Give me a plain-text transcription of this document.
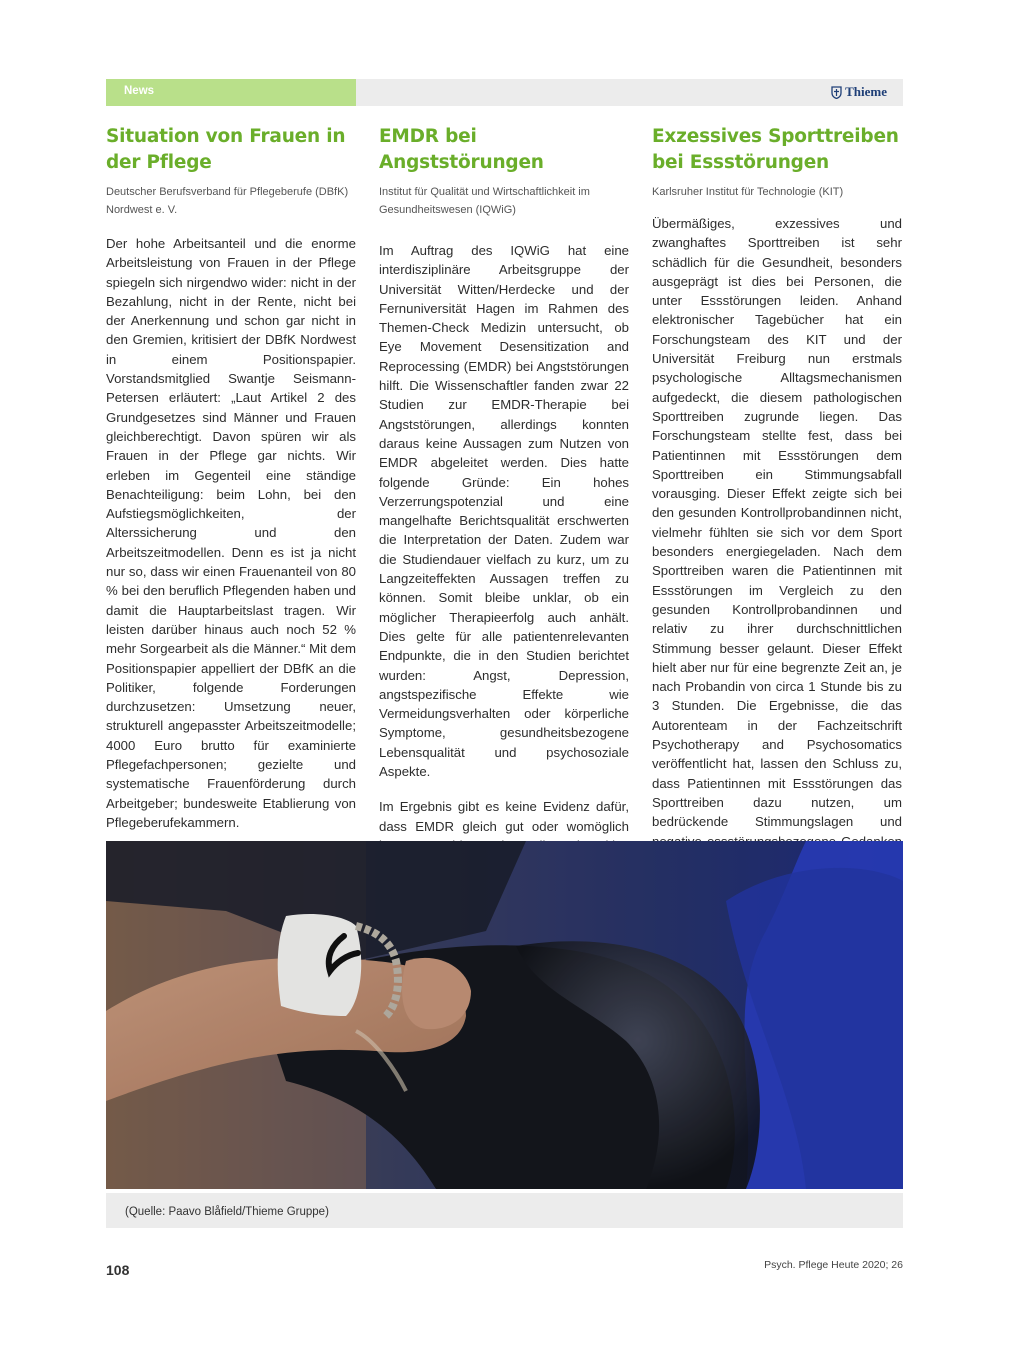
News	Thieme
Situation von Frauen in der Pflege

Deutscher Berufsverband für Pflegeberufe (DBfK) Nordwest e. V.

Der hohe Arbeitsanteil und die enorme Arbeitsleistung von Frauen in der Pflege spiegeln sich nirgendwo wider: nicht in der Bezahlung, nicht in der Rente, nicht bei der Anerkennung und schon gar nicht in den Gremien, kritisiert der DBfK Nordwest in einem Positionspapier. Vorstandsmitglied Swantje Seismann-Petersen erläutert: „Laut Artikel 2 des Grundgesetzes sind Männer und Frauen gleichberechtigt. Davon spüren wir als Frauen in der Pflege gar nichts. Wir erleben im Gegenteil eine ständige Benachteiligung: beim Lohn, bei den Aufstiegsmöglichkeiten, der Alterssicherung und den Arbeitszeitmodellen. Denn es ist ja nicht nur so, dass wir einen Frauenanteil von 80 % bei den beruflich Pflegenden haben und damit die Hauptarbeitslast tragen. Wir leisten darüber hinaus auch noch 52 % mehr Sorgearbeit als die Männer.“ Mit dem Positionspapier appelliert der DBfK an die Politiker, folgende Forderungen durchzusetzen: Umsetzung neuer, strukturell angepasster Arbeitszeitmodelle; 4000 Euro brutto für examinierte Pflegefachpersonen; gezielte und systematische Frauenförderung durch Arbeitgeber; bundesweite Etablierung von Pflegeberufekammern.

EMDR bei Angststörungen

Institut für Qualität und Wirtschaftlichkeit im Gesundheitswesen (IQWiG)

Im Auftrag des IQWiG hat eine interdisziplinäre Arbeitsgruppe der Universität Witten/Herdecke und der Fernuniversität Hagen im Rahmen des Themen-Check Medizin untersucht, ob Eye Movement Desensitization and Reprocessing (EMDR) bei Angststörungen hilft. Die Wissenschaftler fanden zwar 22 Studien zur EMDR-Therapie bei Angststörungen, allerdings konnten daraus keine Aussagen zum Nutzen von EMDR abgeleitet werden. Dies hatte folgende Gründe: Ein hohes Verzerrungspotenzial und eine mangelhafte Berichtsqualität erschwerten die Interpretation der Daten. Zudem war die Studiendauer vielfach zu kurz, um zu Langzeiteffekten Aussagen treffen zu können. Somit bleibe unklar, ob ein möglicher Therapieerfolg auch anhält. Dies gelte für alle patientenrelevanten Endpunkte, die in den Studien berichtet wurden: Angst, Depression, angstspezifische Effekte wie Vermeidungsverhalten oder körperliche Symptome, gesundheitsbezogene Lebensqualität und psychosoziale Aspekte.

Im Ergebnis gibt es keine Evidenz dafür, dass EMDR gleich gut oder womöglich

Exzessives Sporttreiben bei Essstörungen

Karlsruher Institut für Technologie (KIT)

Übermäßiges, exzessives und zwanghaftes Sporttreiben ist sehr schädlich für die Gesundheit, besonders ausgeprägt ist dies bei Personen, die unter Essstörungen leiden. Anhand elektronischer Tagebücher hat ein Forschungsteam des KIT und der Universität Freiburg nun erstmals psychologische Alltagsmechanismen aufgedeckt, die diesem pathologischen Sporttreiben zugrunde liegen. Das Forschungsteam stellte fest, dass bei Patientinnen mit Essstörungen dem Sporttreiben ein Stimmungsabfall vorausging. Dieser Effekt zeigte sich bei den gesunden Kontrollprobandinnen nicht, vielmehr fühlten sie sich vor dem Sport besonders energiegeladen. Nach dem Sporttreiben waren die Patientinnen mit Essstörungen im Vergleich zu den gesunden Kontrollprobandinnen und relativ zu ihrer durchschnittlichen Stimmung besser gelaunt. Dieser Effekt hielt aber nur für eine begrenzte Zeit an, je nach Probandin von circa 1 Stunde bis zu 3 Stunden. Die Ergebnisse, die das Autorenteam in der Fachzeitschrift Psychotherapy and Psychosomatics veröffentlicht hat, lassen den Schluss zu, dass Patientinnen mit Essstörungen das Sporttreiben dazu nutzen, um bedrückende Stimmungslagen und

(Quelle: Paavo Blåfield/Thieme Gruppe)
108	Psych. Pflege Heute 2020; 26
